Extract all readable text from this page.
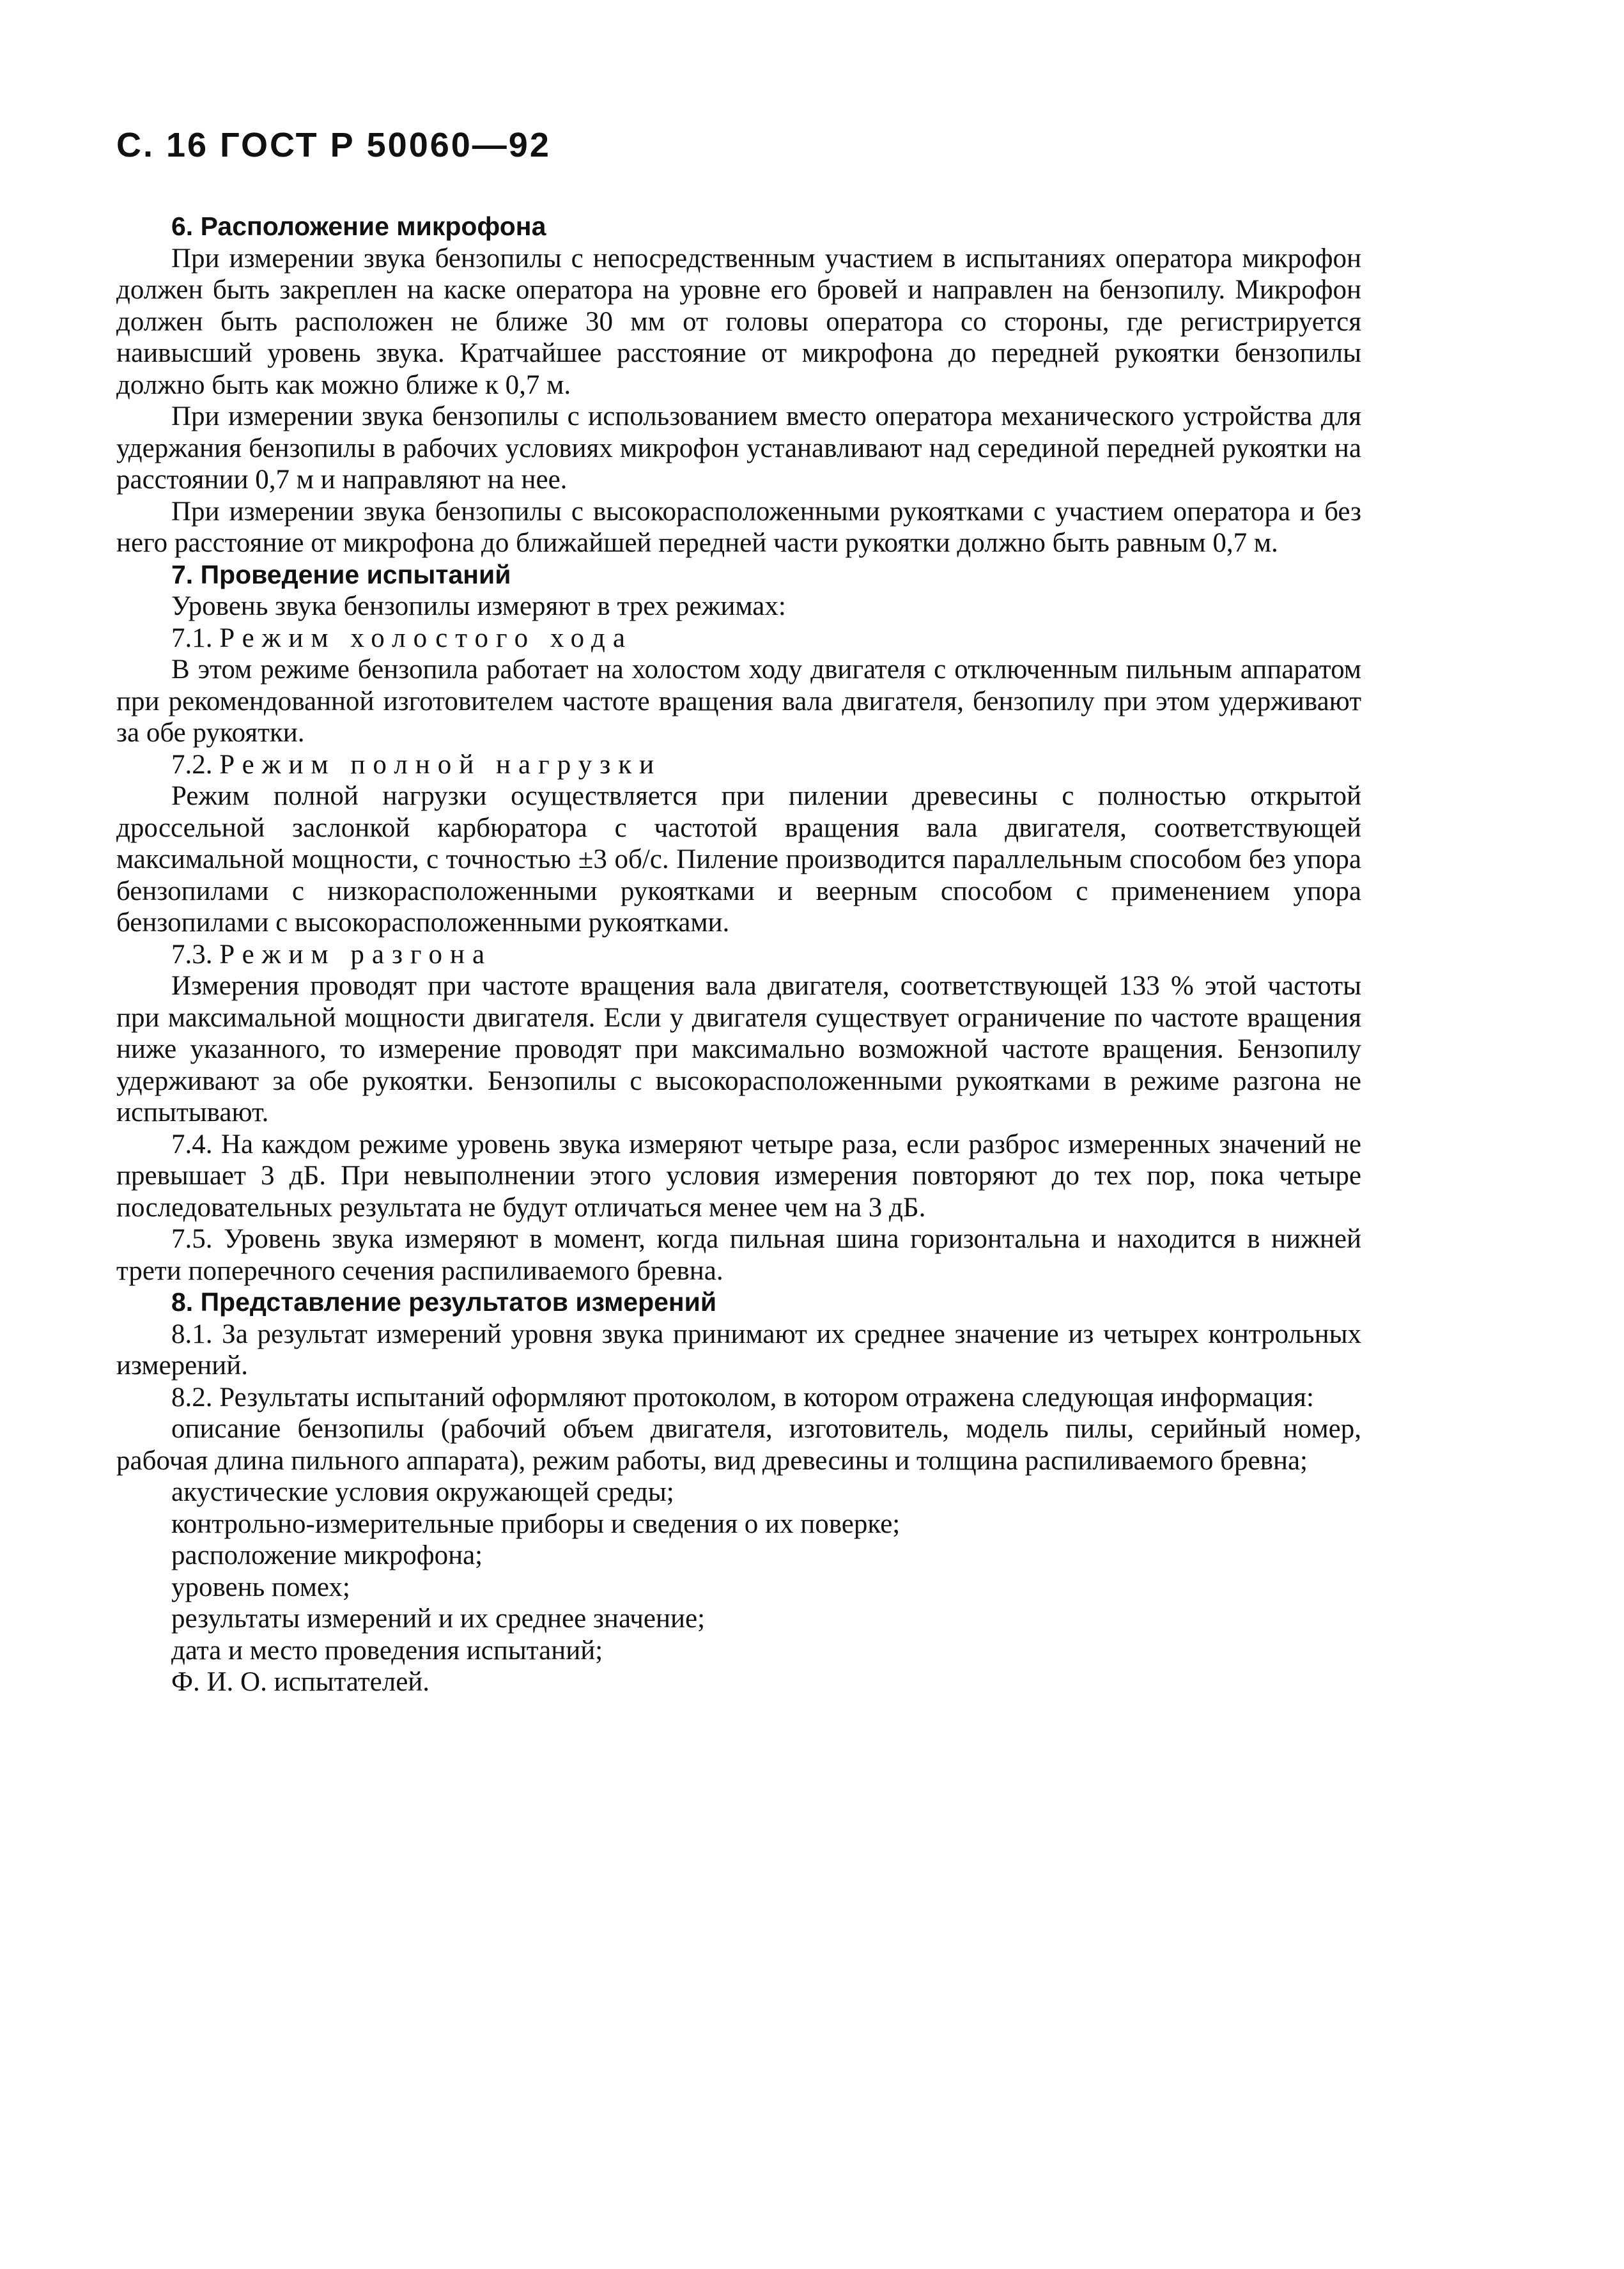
С. 16 ГОСТ Р 50060—92

6. Расположение микрофона

При измерении звука бензопилы с непосредственным участием в испытаниях оператора микрофон должен быть закреплен на каске оператора на уровне его бровей и направлен на бензопилу. Микрофон должен быть расположен не ближе 30 мм от головы оператора со стороны, где регистрируется наивысший уровень звука. Кратчайшее расстояние от микрофона до передней рукоятки бензопилы должно быть как можно ближе к 0,7 м.

При измерении звука бензопилы с использованием вместо оператора механического устройства для удержания бензопилы в рабочих условиях микрофон устанавливают над серединой передней рукоятки на расстоянии 0,7 м и направляют на нее.

При измерении звука бензопилы с высокорасположенными рукоятками с участием оператора и без него расстояние от микрофона до ближайшей передней части рукоятки должно быть равным 0,7 м.

7. Проведение испытаний

Уровень звука бензопилы измеряют в трех режимах:

7.1. Режим холостого хода

В этом режиме бензопила работает на холостом ходу двигателя с отключенным пильным аппаратом при рекомендованной изготовителем частоте вращения вала двигателя, бензопилу при этом удерживают за обе рукоятки.

7.2. Режим полной нагрузки

Режим полной нагрузки осуществляется при пилении древесины с полностью открытой дроссельной заслонкой карбюратора с частотой вращения вала двигателя, соответствующей максимальной мощности, с точностью ±3 об/с. Пиление производится параллельным способом без упора бензопилами с низкорасположенными рукоятками и веерным способом с применением упора бензопилами с высокорасположенными рукоятками.

7.3. Режим разгона

Измерения проводят при частоте вращения вала двигателя, соответствующей 133 % этой частоты при максимальной мощности двигателя. Если у двигателя существует ограничение по частоте вращения ниже указанного, то измерение проводят при максимально возможной частоте вращения. Бензопилу удерживают за обе рукоятки. Бензопилы с высокорасположенными рукоятками в режиме разгона не испытывают.

7.4. На каждом режиме уровень звука измеряют четыре раза, если разброс измеренных значений не превышает 3 дБ. При невыполнении этого условия измерения повторяют до тех пор, пока четыре последовательных результата не будут отличаться менее чем на 3 дБ.

7.5. Уровень звука измеряют в момент, когда пильная шина горизонтальна и находится в нижней трети поперечного сечения распиливаемого бревна.

8. Представление результатов измерений

8.1. За результат измерений уровня звука принимают их среднее значение из четырех контрольных измерений.

8.2. Результаты испытаний оформляют протоколом, в котором отражена следующая информация:

описание бензопилы (рабочий объем двигателя, изготовитель, модель пилы, серийный номер, рабочая длина пильного аппарата), режим работы, вид древесины и толщина распиливаемого бревна;

акустические условия окружающей среды;

контрольно-измерительные приборы и сведения о их поверке;

расположение микрофона;

уровень помех;

результаты измерений и их среднее значение;

дата и место проведения испытаний;

Ф. И. О. испытателей.
